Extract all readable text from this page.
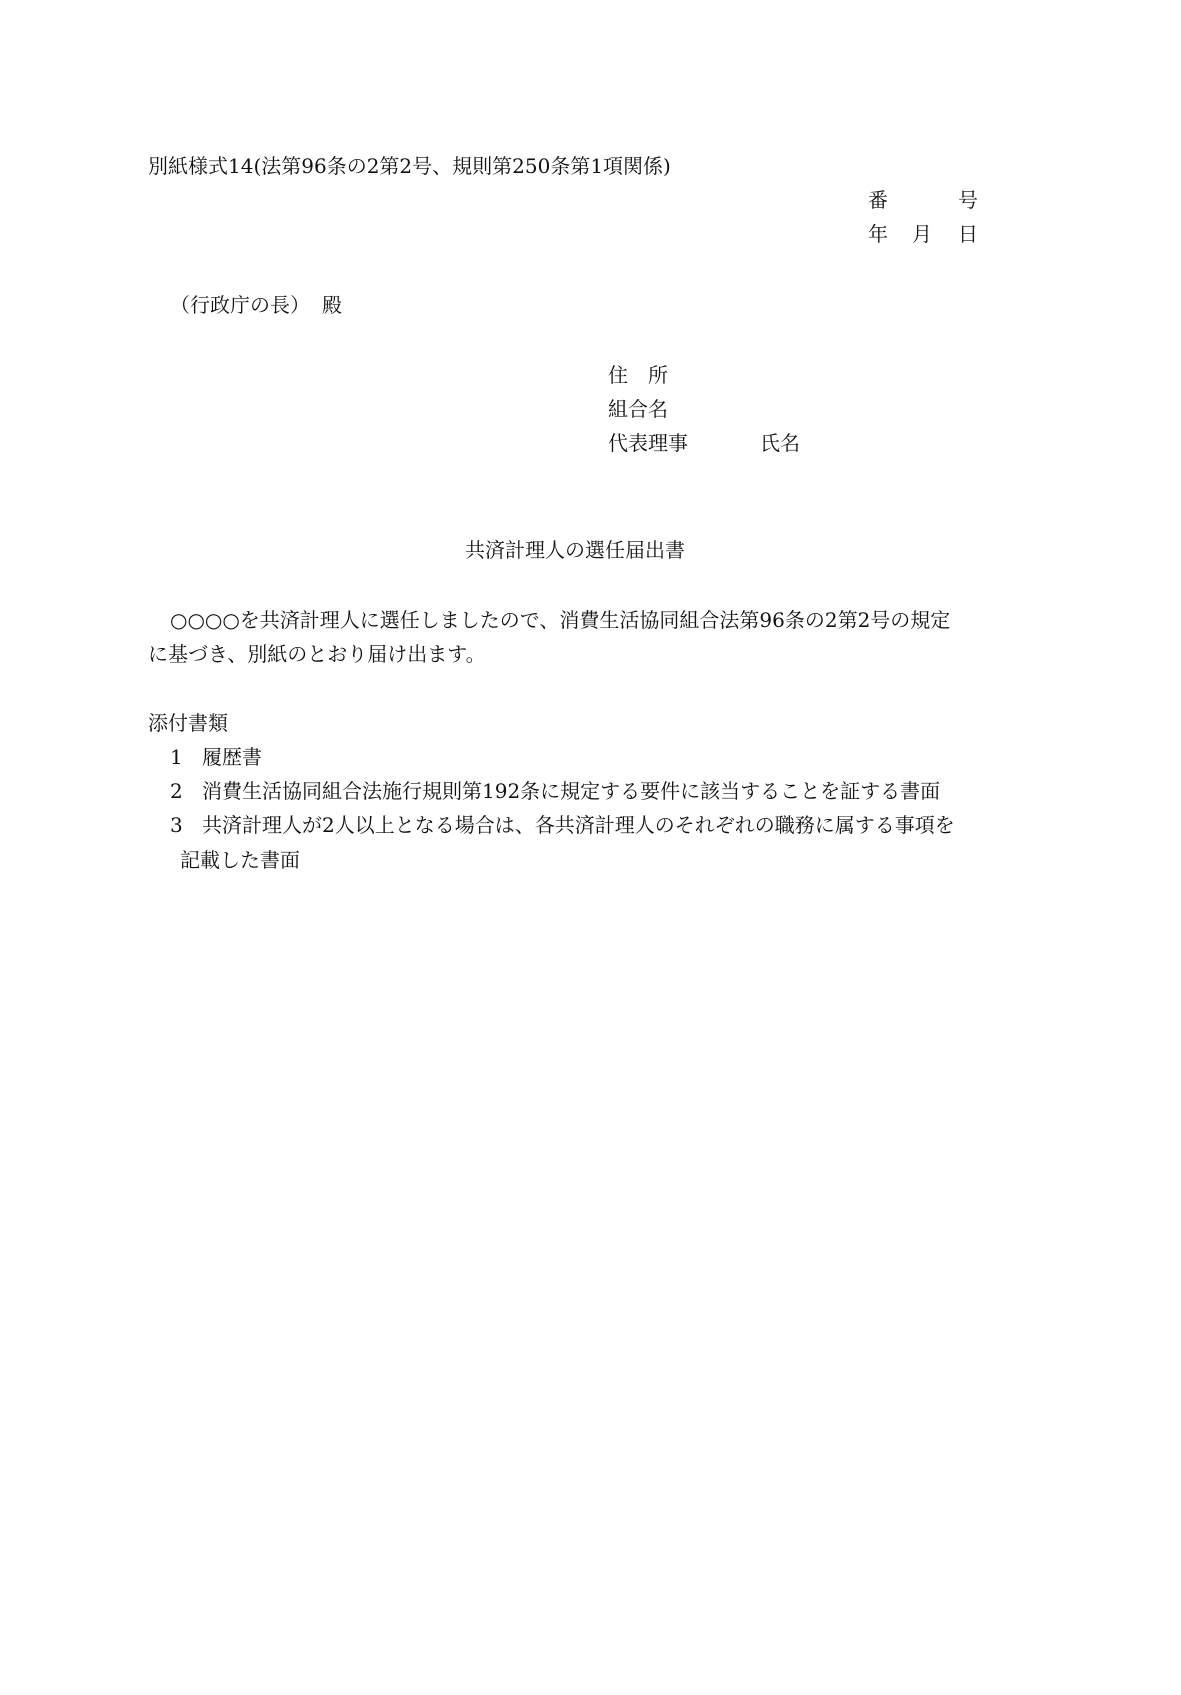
別紙様式14(法第96条の2第2号、規則第250条第1項関係)

番	号

年 月 日

（行政庁の長） 殿

住　所

組合名

代表理事	氏名

共済計理人の選任届出書

○○○○を共済計理人に選任しましたので、消費生活協同組合法第96条の2第2号の規定

に基づき、別紙のとおり届け出ます。

添付書類

1 履歴書
2 消費生活協同組合法施行規則第192条に規定する要件に該当することを証する書面
3 共済計理人が2人以上となる場合は、各共済計理人のそれぞれの職務に属する事項を
記載した書面
